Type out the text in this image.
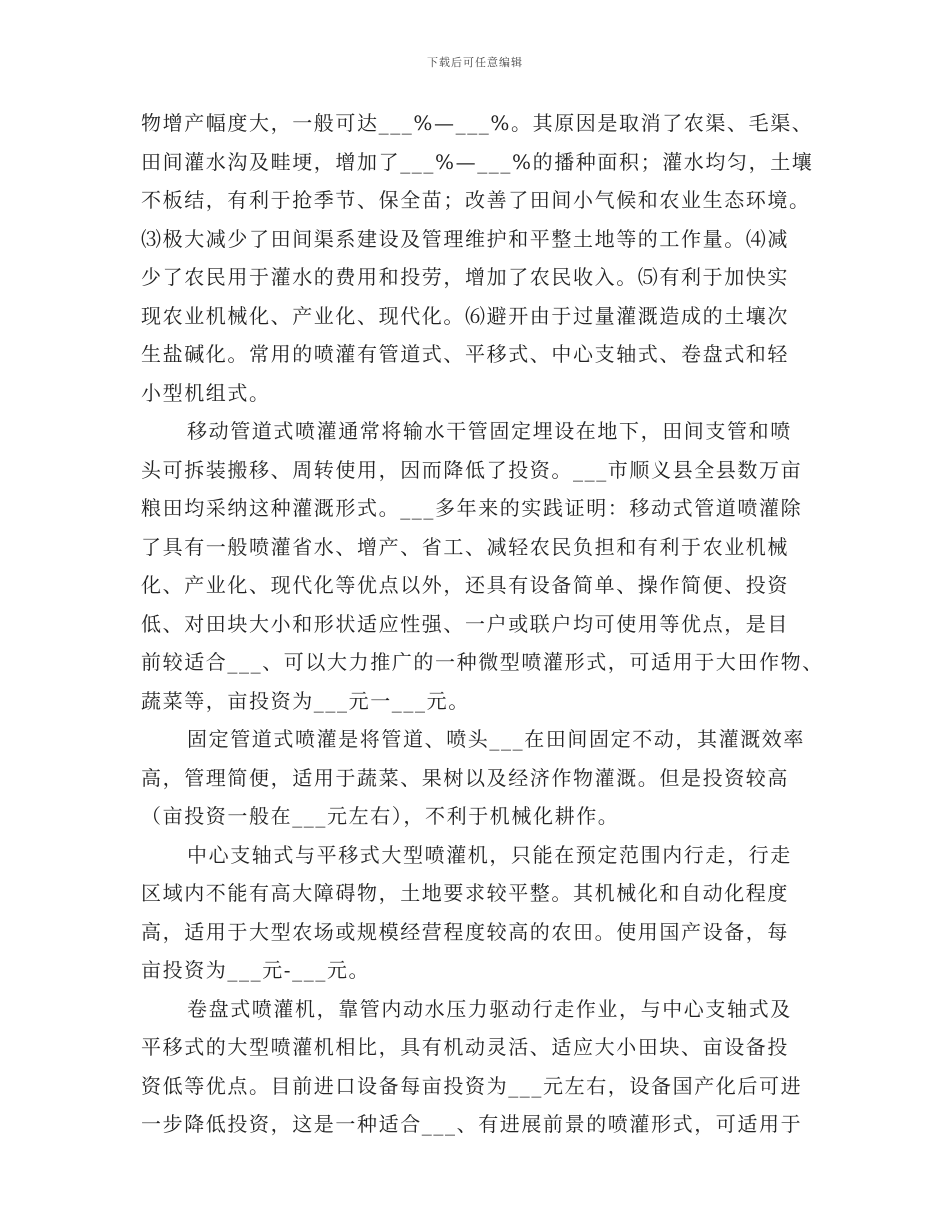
下载后可任意编辑
物增产幅度大，一般可达___%—___%。其原因是取消了农渠、毛渠、
田间灌水沟及畦埂，增加了___%—___%的播种面积；灌水均匀，土壤
不板结，有利于抢季节、保全苗；改善了田间小气候和农业生态环境。
⑶极大减少了田间渠系建设及管理维护和平整土地等的工作量。⑷减
少了农民用于灌水的费用和投劳，增加了农民收入。⑸有利于加快实
现农业机械化、产业化、现代化。⑹避开由于过量灌溉造成的土壤次
生盐碱化。常用的喷灌有管道式、平移式、中心支轴式、卷盘式和轻
小型机组式。
移动管道式喷灌通常将输水干管固定埋设在地下，田间支管和喷
头可拆装搬移、周转使用，因而降低了投资。___市顺义县全县数万亩
粮田均采纳这种灌溉形式。___多年来的实践证明：移动式管道喷灌除
了具有一般喷灌省水、增产、省工、减轻农民负担和有利于农业机械
化、产业化、现代化等优点以外，还具有设备简单、操作简便、投资
低、对田块大小和形状适应性强、一户或联户均可使用等优点，是目
前较适合___、可以大力推广的一种微型喷灌形式，可适用于大田作物、
蔬菜等，亩投资为___元一___元。
固定管道式喷灌是将管道、喷头___在田间固定不动，其灌溉效率
高，管理简便，适用于蔬菜、果树以及经济作物灌溉。但是投资较高
（亩投资一般在___元左右），不利于机械化耕作。
中心支轴式与平移式大型喷灌机，只能在预定范围内行走，行走
区域内不能有高大障碍物，土地要求较平整。其机械化和自动化程度
高，适用于大型农场或规模经营程度较高的农田。使用国产设备，每
亩投资为___元-___元。
卷盘式喷灌机，靠管内动水压力驱动行走作业，与中心支轴式及
平移式的大型喷灌机相比，具有机动灵活、适应大小田块、亩设备投
资低等优点。目前进口设备每亩投资为___元左右，设备国产化后可进
一步降低投资，这是一种适合___、有进展前景的喷灌形式，可适用于
